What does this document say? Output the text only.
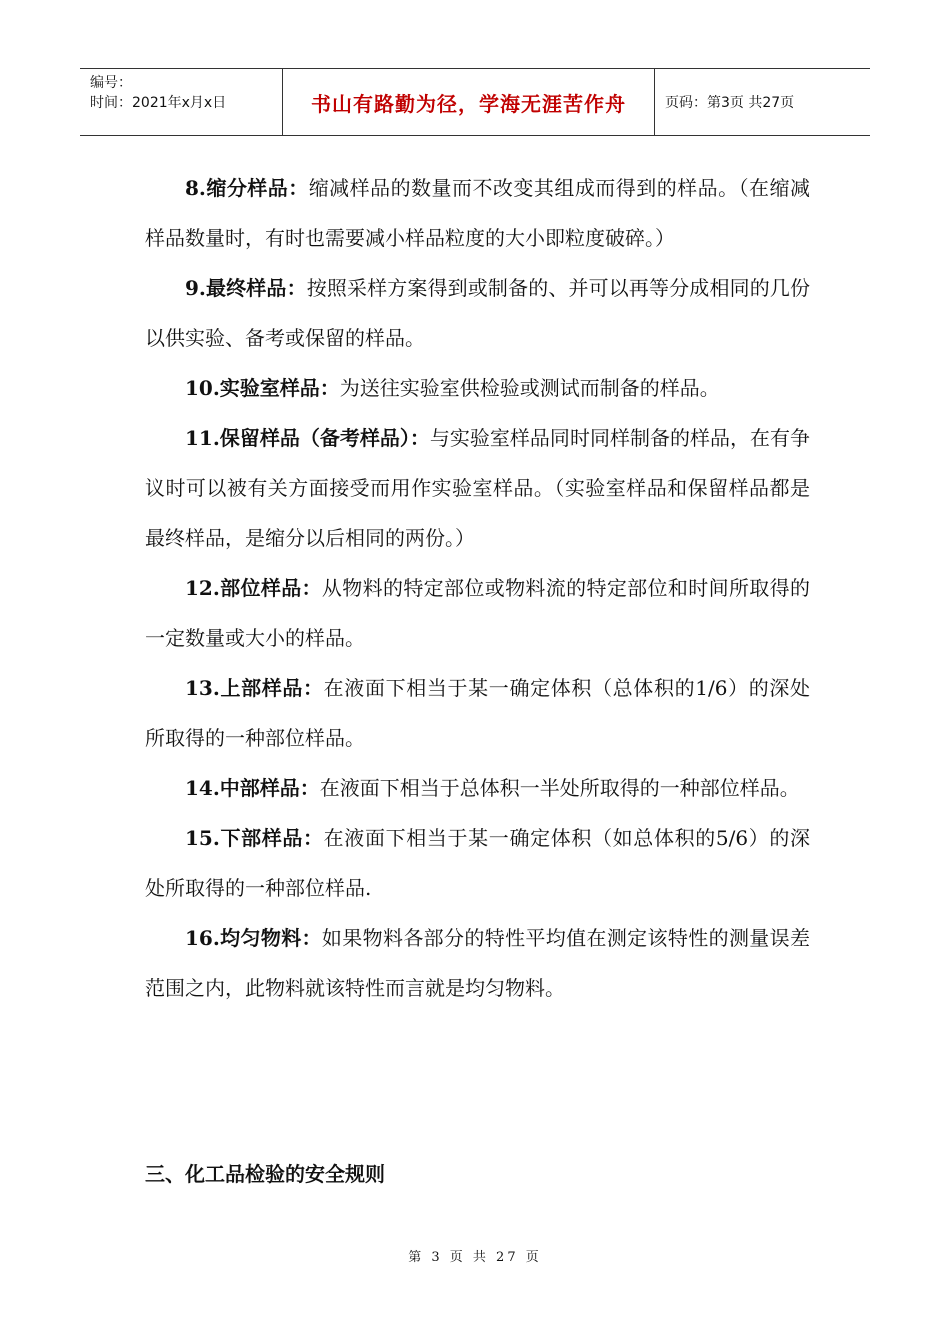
编号：
时间：2021年x月x日	书山有路勤为径，学海无涯苦作舟	页码：第3页 共27页

8.缩分样品：缩减样品的数量而不改变其组成而得到的样品。（在缩减样品数量时，有时也需要减小样品粒度的大小即粒度破碎。）

9.最终样品：按照采样方案得到或制备的、并可以再等分成相同的几份以供实验、备考或保留的样品。

10.实验室样品：为送往实验室供检验或测试而制备的样品。

11.保留样品（备考样品）：与实验室样品同时同样制备的样品，在有争议时可以被有关方面接受而用作实验室样品。（实验室样品和保留样品都是最终样品，是缩分以后相同的两份。）

12.部位样品：从物料的特定部位或物料流的特定部位和时间所取得的一定数量或大小的样品。

13.上部样品：在液面下相当于某一确定体积（总体积的1/6）的深处所取得的一种部位样品。

14.中部样品：在液面下相当于总体积一半处所取得的一种部位样品。

15.下部样品：在液面下相当于某一确定体积（如总体积的5/6）的深处所取得的一种部位样品.

16.均匀物料：如果物料各部分的特性平均值在测定该特性的测量误差范围之内，此物料就该特性而言就是均匀物料。

三、化工品检验的安全规则
第 3 页 共 27 页
